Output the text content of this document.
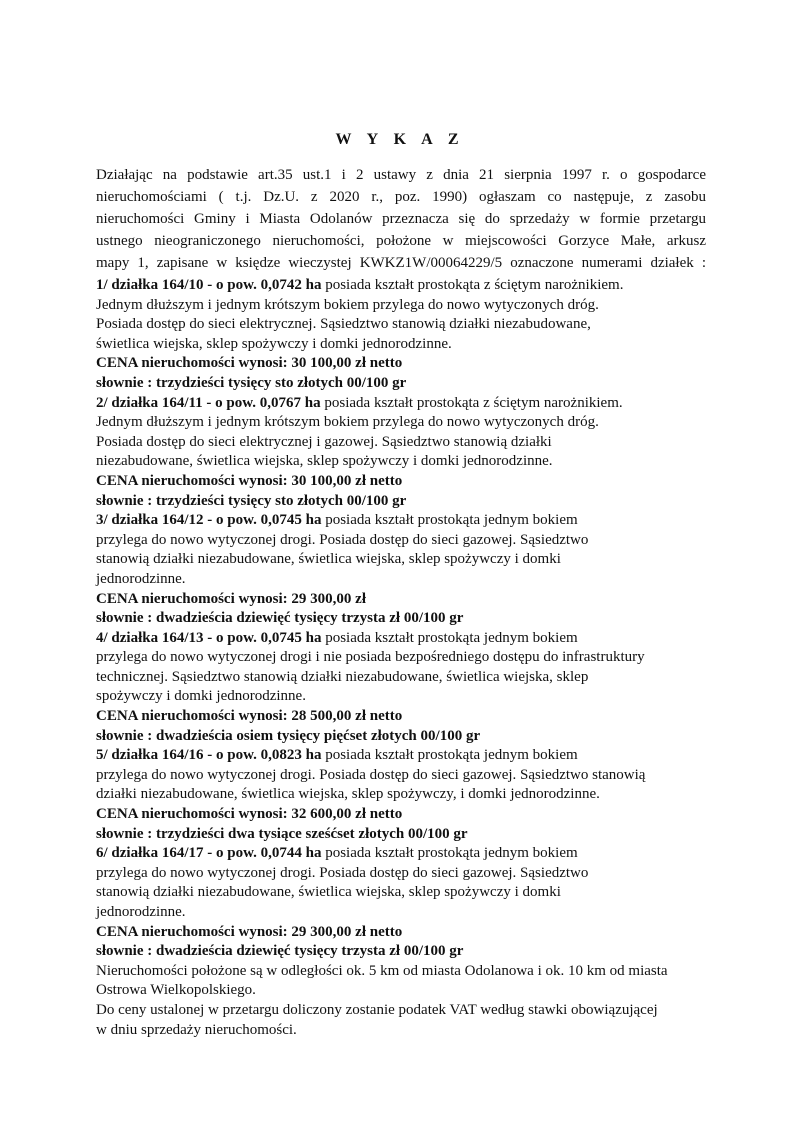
W Y K A Z
Działając na podstawie art.35 ust.1 i 2 ustawy z dnia 21 sierpnia 1997 r. o gospodarce
nieruchomościami ( t.j. Dz.U. z 2020 r., poz. 1990) ogłaszam co następuje, z zasobu
nieruchomości Gminy i Miasta Odolanów przeznacza się do sprzedaży w formie przetargu
ustnego nieograniczonego nieruchomości, położone w miejscowości Gorzyce Małe, arkusz
mapy 1, zapisane w księdze wieczystej KWKZ1W/00064229/5 oznaczone numerami działek :
1/ działka 164/10 - o pow. 0,0742 ha posiada kształt prostokąta z ściętym narożnikiem.
Jednym dłuższym i jednym krótszym bokiem przylega do nowo wytyczonych dróg.
Posiada dostęp do sieci elektrycznej. Sąsiedztwo stanowią działki niezabudowane,
świetlica wiejska, sklep spożywczy i domki jednorodzinne.
CENA nieruchomości wynosi: 30 100,00 zł netto
słownie : trzydzieści tysięcy sto złotych 00/100 gr
2/ działka 164/11 - o pow. 0,0767 ha posiada kształt prostokąta z ściętym narożnikiem.
Jednym dłuższym i jednym krótszym bokiem przylega do nowo wytyczonych dróg.
Posiada dostęp do sieci elektrycznej i gazowej. Sąsiedztwo stanowią działki
niezabudowane, świetlica wiejska, sklep spożywczy i domki jednorodzinne.
CENA nieruchomości wynosi: 30 100,00 zł netto
słownie : trzydzieści tysięcy sto złotych 00/100 gr
3/ działka 164/12 - o pow. 0,0745 ha posiada kształt prostokąta jednym bokiem
przylega do nowo wytyczonej drogi. Posiada dostęp do sieci gazowej. Sąsiedztwo
stanowią działki niezabudowane, świetlica wiejska, sklep spożywczy i domki
jednorodzinne.
CENA nieruchomości wynosi: 29 300,00 zł
słownie : dwadzieścia dziewięć tysięcy trzysta zł 00/100 gr
4/ działka 164/13 - o pow. 0,0745 ha posiada kształt prostokąta jednym bokiem
przylega do nowo wytyczonej drogi i nie posiada bezpośredniego dostępu do infrastruktury
technicznej. Sąsiedztwo stanowią działki niezabudowane, świetlica wiejska, sklep
spożywczy i domki jednorodzinne.
CENA nieruchomości wynosi: 28 500,00 zł netto
słownie : dwadzieścia osiem tysięcy pięćset złotych 00/100 gr
5/ działka 164/16 - o pow. 0,0823 ha posiada kształt prostokąta jednym bokiem
przylega do nowo wytyczonej drogi. Posiada dostęp do sieci gazowej. Sąsiedztwo stanowią
działki niezabudowane, świetlica wiejska, sklep spożywczy, i domki jednorodzinne.
CENA nieruchomości wynosi: 32 600,00 zł netto
słownie : trzydzieści dwa tysiące sześćset złotych 00/100 gr
6/ działka 164/17 - o pow. 0,0744 ha posiada kształt prostokąta jednym bokiem
przylega do nowo wytyczonej drogi. Posiada dostęp do sieci gazowej. Sąsiedztwo
stanowią działki niezabudowane, świetlica wiejska, sklep spożywczy i domki
jednorodzinne.
CENA nieruchomości wynosi: 29 300,00 zł netto
słownie : dwadzieścia dziewięć tysięcy trzysta zł 00/100 gr
Nieruchomości położone są w odległości ok. 5 km od miasta Odolanowa i ok. 10 km od miasta
Ostrowa Wielkopolskiego.
Do ceny ustalonej w przetargu doliczony zostanie podatek VAT według stawki obowiązującej
w dniu sprzedaży nieruchomości.
